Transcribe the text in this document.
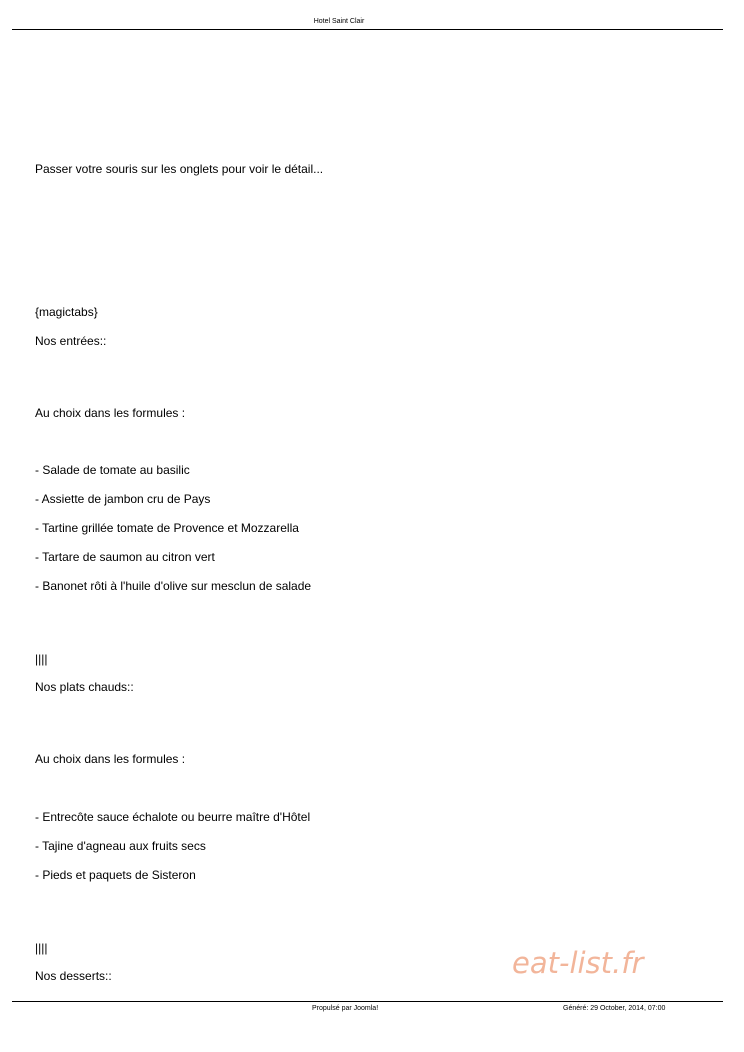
Hotel Saint Clair
Passer votre souris sur les onglets pour voir le détail...
{magictabs}
Nos entrées::
Au choix dans les formules :
- Salade de tomate au basilic
- Assiette de jambon cru de Pays
- Tartine grillée tomate de Provence et Mozzarella
- Tartare de saumon au citron vert
- Banonet rôti à l'huile d'olive sur mesclun de salade
||||
Nos plats chauds::
Au choix dans les formules :
- Entrecôte sauce échalote ou beurre maître d'Hôtel
- Tajine d'agneau aux fruits secs
- Pieds et paquets de Sisteron
||||
Nos desserts::	eat-list.fr
Propulsé par Joomla!	Généré: 29 October, 2014, 07:00
